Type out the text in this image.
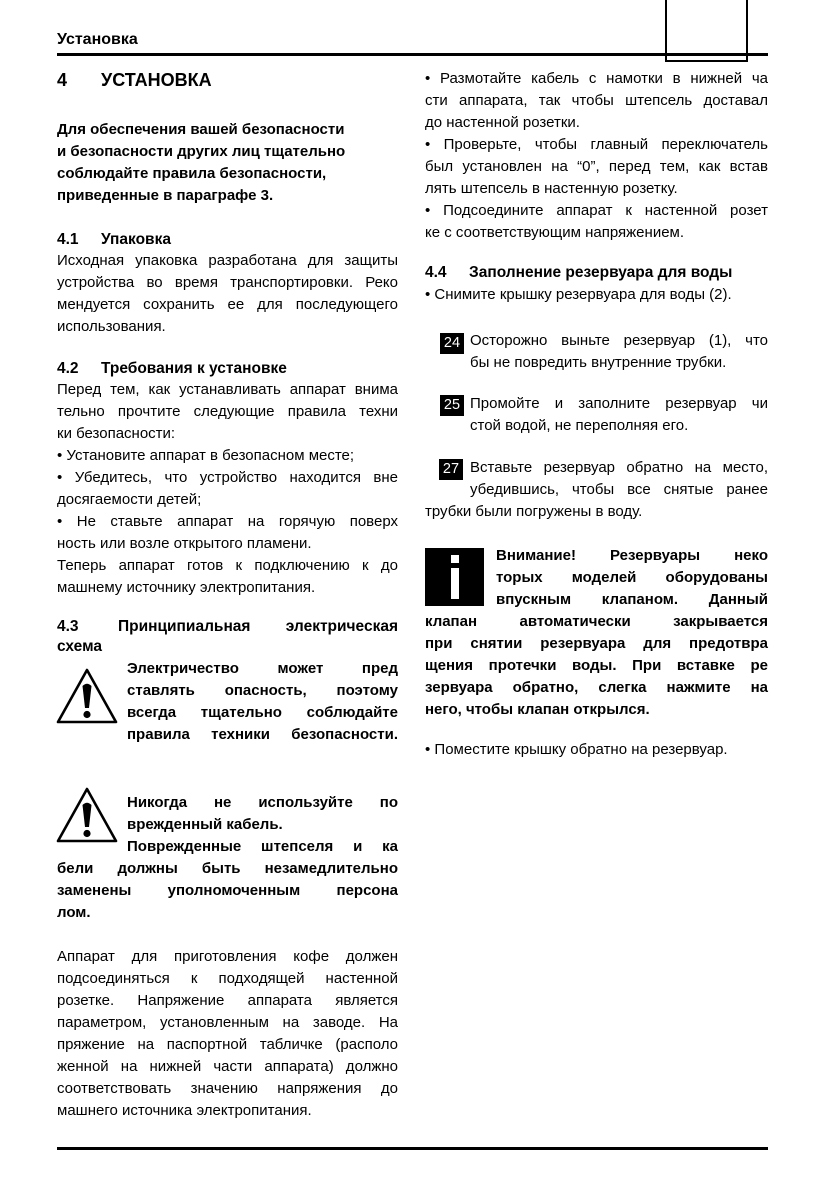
Установка
4 УСТАНОВКА
Для обеспечения вашей безопасности
и безопасности других лиц тщательно
соблюдайте правила безопасности,
приведенные в параграфе 3.
4.1 Упаковка
Исходная упаковка разработана для защиты
устройства во время транспортировки. Реко
мендуется сохранить ее для последующего
использования.
4.2 Требования к установке
Перед тем, как устанавливать аппарат внима
тельно прочтите следующие правила техни
ки безопасности:
• Установите аппарат в безопасном месте;
• Убедитесь, что устройство находится вне
досягаемости детей;
• Не ставьте аппарат на горячую поверх
ность или возле открытого пламени.
Теперь аппарат готов к подключению к до
машнему источнику электропитания.
4.3	Принципиальная электрическая
схема
Электричество может пред
ставлять опасность, поэтому
всегда тщательно соблюдайте
правила техники безопасности.
Никогда не используйте по
врежденный кабель.
Поврежденные штепселя и ка
бели должны быть незамедлительно
заменены уполномоченным персона
лом.
Аппарат для приготовления кофе должен
подсоединяться к подходящей настенной
розетке. Напряжение аппарата является
параметром, установленным на заводе. На
пряжение на паспортной табличке (располо
женной на нижней части аппарата) должно
соответствовать значению напряжения до
машнего источника электропитания.
• Размотайте кабель с намотки в нижней ча
сти аппарата, так чтобы штепсель доставал
до настенной розетки.
• Проверьте, чтобы главный переключатель
был установлен на “0”, перед тем, как встав
лять штепсель в настенную розетку.
• Подсоедините аппарат к настенной розет
ке с соответствующим напряжением.
4.4 Заполнение резервуара для воды
• Снимите крышку резервуара для воды (2).
24 Осторожно выньте резервуар (1), что
бы не повредить внутренние трубки.
25 Промойте и заполните резервуар чи
стой водой, не переполняя его.
27 Вставьте резервуар обратно на место,
убедившись, чтобы все снятые ранее
трубки были погружены в воду.
Внимание! Резервуары неко
торых моделей оборудованы
впускным клапаном. Данный
клапан автоматически закрывается
при снятии резервуара для предотвра
щения протечки воды. При вставке ре
зервуара обратно, слегка нажмите на
него, чтобы клапан открылся.
• Поместите крышку обратно на резервуар.
